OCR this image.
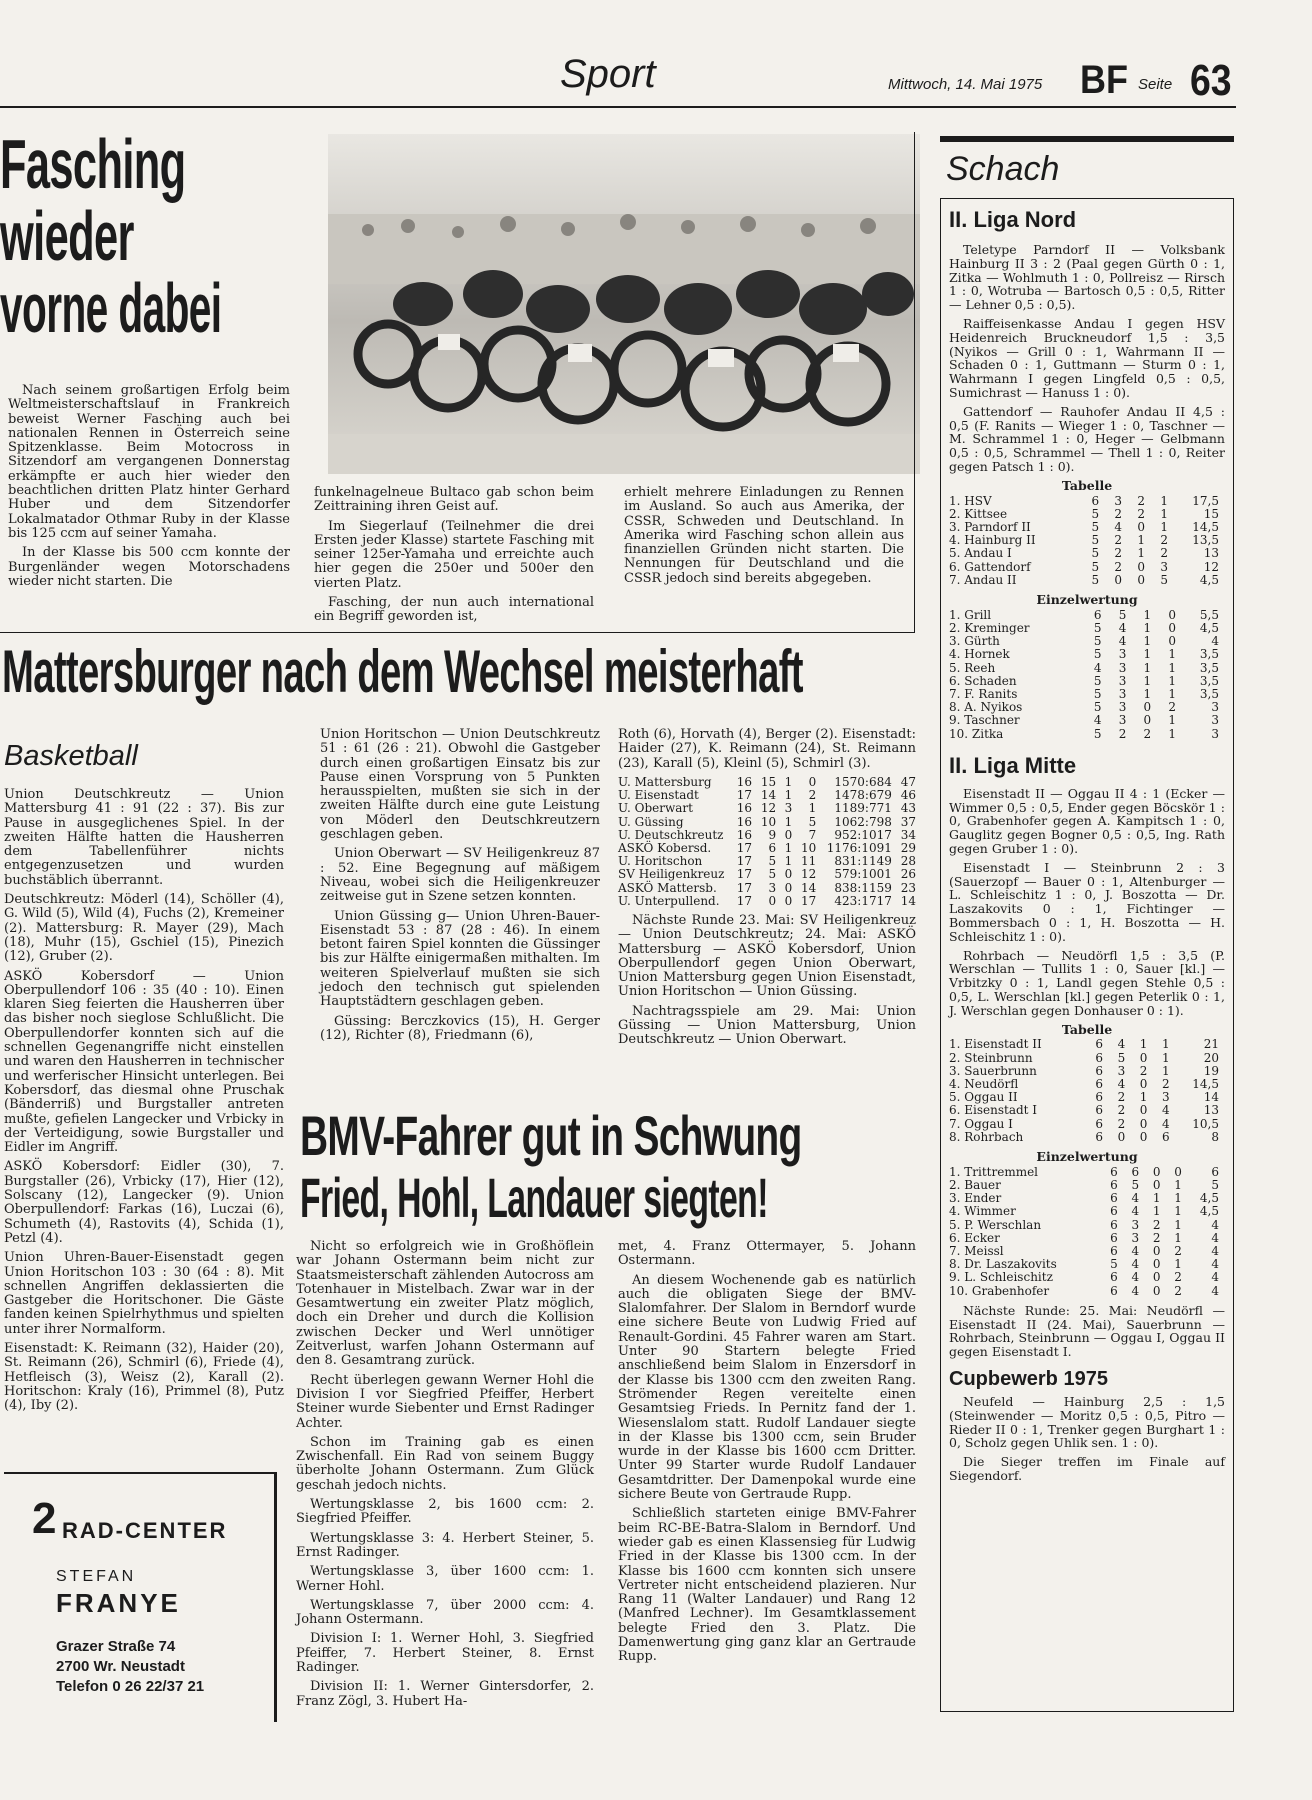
Sport	Mittwoch, 14. Mai 1975 BF Seite 63
Fasching
wieder
vorne dabei

Nach seinem großartigen Erfolg beim Weltmeisterschaftslauf in Frankreich beweist Werner Fasching auch bei nationalen Rennen in Österreich seine Spitzenklasse. Beim Motocross in Sitzendorf am vergangenen Donnerstag erkämpfte er auch hier wieder den beachtlichen dritten Platz hinter Gerhard Huber und dem Sitzendorfer Lokalmatador Othmar Ruby in der Klasse bis 125 ccm auf seiner Yamaha.

In der Klasse bis 500 ccm konnte der Burgenländer wegen Motorschadens wieder nicht starten. Die

funkelnagelneue Bultaco gab schon beim Zeittraining ihren Geist auf.

Im Siegerlauf (Teilnehmer die drei Ersten jeder Klasse) startete Fasching mit seiner 125er-Yamaha und erreichte auch hier gegen die 250er und 500er den vierten Platz.

Fasching, der nun auch international ein Begriff geworden ist,

erhielt mehrere Einladungen zu Rennen im Ausland. So auch aus Amerika, der CSSR, Schweden und Deutschland. In Amerika wird Fasching schon allein aus finanziellen Gründen nicht starten. Die Nennungen für Deutschland und die CSSR jedoch sind bereits abgegeben.

Mattersburger nach dem Wechsel meisterhaft
Basketball

Union Deutschkreutz — Union Mattersburg 41 : 91 (22 : 37). Bis zur Pause in ausgeglichenes Spiel. In der zweiten Hälfte hatten die Hausherren dem Tabellenführer nichts entgegenzusetzen und wurden buchstäblich überrannt.

Deutschkreutz: Möderl (14), Schöller (4), G. Wild (5), Wild (4), Fuchs (2), Kremeiner (2). Mattersburg: R. Mayer (29), Mach (18), Muhr (15), Gschiel (15), Pinezich (12), Gruber (2).

ASKÖ Kobersdorf — Union Oberpullendorf 106 : 35 (40 : 10). Einen klaren Sieg feierten die Hausherren über das bisher noch sieglose Schlußlicht. Die Oberpullendorfer konnten sich auf die schnellen Gegenangriffe nicht einstellen und waren den Hausherren in technischer und werferischer Hinsicht unterlegen. Bei Kobersdorf, das diesmal ohne Pruschak (Bänderriß) und Burgstaller antreten mußte, gefielen Langecker und Vrbicky in der Verteidigung, sowie Burgstaller und Eidler im Angriff.

ASKÖ Kobersdorf: Eidler (30), 7. Burgstaller (26), Vrbicky (17), Hier (12), Solscany (12), Langecker (9). Union Oberpullendorf: Farkas (16), Luczai (6), Schumeth (4), Rastovits (4), Schida (1), Petzl (4).

Union Uhren-Bauer-Eisenstadt gegen Union Horitschon 103 : 30 (64 : 8). Mit schnellen Angriffen deklassierten die Gastgeber die Horitschoner. Die Gäste fanden keinen Spielrhythmus und spielten unter ihrer Normalform.

Eisenstadt: K. Reimann (32), Haider (20), St. Reimann (26), Schmirl (6), Friede (4), Hetfleisch (3), Weisz (2), Karall (2). Horitschon: Kraly (16), Primmel (8), Putz (4), Iby (2).

Union Horitschon — Union Deutschkreutz 51 : 61 (26 : 21). Obwohl die Gastgeber durch einen großartigen Einsatz bis zur Pause einen Vorsprung von 5 Punkten herausspielten, mußten sie sich in der zweiten Hälfte durch eine gute Leistung von Möderl den Deutschkreutzern geschlagen geben.

Union Oberwart — SV Heiligenkreuz 87 : 52. Eine Begegnung auf mäßigem Niveau, wobei sich die Heiligenkreuzer zeitweise gut in Szene setzen konnten.

Union Güssing g— Union Uhren-Bauer-Eisenstadt 53 : 87 (28 : 46). In einem betont fairen Spiel konnten die Güssinger bis zur Hälfte einigermaßen mithalten. Im weiteren Spielverlauf mußten sie sich jedoch den technisch gut spielenden Hauptstädtern geschlagen geben.

Güssing: Berczkovics (15), H. Gerger (12), Richter (8), Friedmann (6),

Roth (6), Horvath (4), Berger (2). Eisenstadt: Haider (27), K. Reimann (24), St. Reimann (23), Karall (5), Kleinl (5), Schmirl (3).

U. Mattersburg	16	15	1	0	1570:684	47
U. Eisenstadt	17	14	1	2	1478:679	46
U. Oberwart	16	12	3	1	1189:771	43
U. Güssing	16	10	1	5	1062:798	37
U. Deutschkreutz	16	9	0	7	952:1017	34
ASKÖ Kobersd.	17	6	1	10	1176:1091	29
U. Horitschon	17	5	1	11	831:1149	28
SV Heiligenkreuz	17	5	0	12	579:1001	26
ASKÖ Mattersb.	17	3	0	14	838:1159	23
U. Unterpullend.	17	0	0	17	423:1717	14

Nächste Runde 23. Mai: SV Heiligenkreuz — Union Deutschkreutz; 24. Mai: ASKÖ Mattersburg — ASKÖ Kobersdorf, Union Oberpullendorf gegen Union Oberwart, Union Mattersburg gegen Union Eisenstadt, Union Horitschon — Union Güssing.

Nachtragsspiele am 29. Mai: Union Güssing — Union Mattersburg, Union Deutschkreutz — Union Oberwart.

BMV-Fahrer gut in Schwung
Fried, Hohl, Landauer siegten!

Nicht so erfolgreich wie in Großhöflein war Johann Ostermann beim nicht zur Staatsmeisterschaft zählenden Autocross am Totenhauer in Mistelbach. Zwar war in der Gesamtwertung ein zweiter Platz möglich, doch ein Dreher und durch die Kollision zwischen Decker und Werl unnötiger Zeitverlust, warfen Johann Ostermann auf den 8. Gesamtrang zurück.

Recht überlegen gewann Werner Hohl die Division I vor Siegfried Pfeiffer, Herbert Steiner wurde Siebenter und Ernst Radinger Achter.

Schon im Training gab es einen Zwischenfall. Ein Rad von seinem Buggy überholte Johann Ostermann. Zum Glück geschah jedoch nichts.

Wertungsklasse 2, bis 1600 ccm: 2. Siegfried Pfeiffer.

Wertungsklasse 3: 4. Herbert Steiner, 5. Ernst Radinger.

Wertungsklasse 3, über 1600 ccm: 1. Werner Hohl.

Wertungsklasse 7, über 2000 ccm: 4. Johann Ostermann.

Division I: 1. Werner Hohl, 3. Siegfried Pfeiffer, 7. Herbert Steiner, 8. Ernst Radinger.

Division II: 1. Werner Gintersdorfer, 2. Franz Zögl, 3. Hubert Ha-

met, 4. Franz Ottermayer, 5. Johann Ostermann.

An diesem Wochenende gab es natürlich auch die obligaten Siege der BMV-Slalomfahrer. Der Slalom in Berndorf wurde eine sichere Beute von Ludwig Fried auf Renault-Gordini. 45 Fahrer waren am Start. Unter 90 Startern belegte Fried anschließend beim Slalom in Enzersdorf in der Klasse bis 1300 ccm den zweiten Rang. Strömender Regen vereitelte einen Gesamtsieg Frieds. In Pernitz fand der 1. Wiesenslalom statt. Rudolf Landauer siegte in der Klasse bis 1300 ccm, sein Bruder wurde in der Klasse bis 1600 ccm Dritter. Unter 99 Starter wurde Rudolf Landauer Gesamtdritter. Der Damenpokal wurde eine sichere Beute von Gertraude Rupp.

Schließlich starteten einige BMV-Fahrer beim RC-BE-Batra-Slalom in Berndorf. Und wieder gab es einen Klassensieg für Ludwig Fried in der Klasse bis 1300 ccm. In der Klasse bis 1600 ccm konnten sich unsere Vertreter nicht entscheidend plazieren. Nur Rang 11 (Walter Landauer) und Rang 12 (Manfred Lechner). Im Gesamtklassement belegte Fried den 3. Platz. Die Damenwertung ging ganz klar an Gertraude Rupp.

2 RAD-CENTER
STEFAN
FRANYE
Grazer Straße 74
2700 Wr. Neustadt
Telefon 0 26 22/37 21
Schach
II. Liga Nord

Teletype Parndorf II — Volksbank Hainburg II 3 : 2 (Paal gegen Gürth 0 : 1, Zitka — Wohlmuth 1 : 0, Pollreisz — Rirsch 1 : 0, Wotruba — Bartosch 0,5 : 0,5, Ritter — Lehner 0,5 : 0,5).

Raiffeisenkasse Andau I gegen HSV Heidenreich Bruckneudorf 1,5 : 3,5 (Nyikos — Grill 0 : 1, Wahrmann II — Schaden 0 : 1, Guttmann — Sturm 0 : 1, Wahrmann I gegen Lingfeld 0,5 : 0,5, Sumichrast — Hanuss 1 : 0).

Gattendorf — Rauhofer Andau II 4,5 : 0,5 (F. Ranits — Wieger 1 : 0, Taschner — M. Schrammel 1 : 0, Heger — Gelbmann 0,5 : 0,5, Schrammel — Thell 1 : 0, Reiter gegen Patsch 1 : 0).

Tabelle
1. HSV	6	3	2	1	17,5
2. Kittsee	5	2	2	1	15
3. Parndorf II	5	4	0	1	14,5
4. Hainburg II	5	2	1	2	13,5
5. Andau I	5	2	1	2	13
6. Gattendorf	5	2	0	3	12
7. Andau II	5	0	0	5	4,5
Einzelwertung
1. Grill	6	5	1	0	5,5
2. Kreminger	5	4	1	0	4,5
3. Gürth	5	4	1	0	4
4. Hornek	5	3	1	1	3,5
5. Reeh	4	3	1	1	3,5
6. Schaden	5	3	1	1	3,5
7. F. Ranits	5	3	1	1	3,5
8. A. Nyikos	5	3	0	2	3
9. Taschner	4	3	0	1	3
10. Zitka	5	2	2	1	3
II. Liga Mitte

Eisenstadt II — Oggau II 4 : 1 (Ecker — Wimmer 0,5 : 0,5, Ender gegen Böcskör 1 : 0, Grabenhofer gegen A. Kampitsch 1 : 0, Gauglitz gegen Bogner 0,5 : 0,5, Ing. Rath gegen Gruber 1 : 0).

Eisenstadt I — Steinbrunn 2 : 3 (Sauerzopf — Bauer 0 : 1, Altenburger — L. Schleischitz 1 : 0, J. Boszotta — Dr. Laszakovits 0 : 1, Fichtinger — Bommersbach 0 : 1, H. Boszotta — H. Schleischitz 1 : 0).

Rohrbach — Neudörfl 1,5 : 3,5 (P. Werschlan — Tullits 1 : 0, Sauer [kl.] — Vrbitzky 0 : 1, Landl gegen Stehle 0,5 : 0,5, L. Werschlan [kl.] gegen Peterlik 0 : 1, J. Werschlan gegen Donhauser 0 : 1).

Tabelle
1. Eisenstadt II	6	4	1	1	21
2. Steinbrunn	6	5	0	1	20
3. Sauerbrunn	6	3	2	1	19
4. Neudörfl	6	4	0	2	14,5
5. Oggau II	6	2	1	3	14
6. Eisenstadt I	6	2	0	4	13
7. Oggau I	6	2	0	4	10,5
8. Rohrbach	6	0	0	6	8
Einzelwertung
1. Trittremmel	6	6	0	0	6
2. Bauer	6	5	0	1	5
3. Ender	6	4	1	1	4,5
4. Wimmer	6	4	1	1	4,5
5. P. Werschlan	6	3	2	1	4
6. Ecker	6	3	2	1	4
7. Meissl	6	4	0	2	4
8. Dr. Laszakovits	5	4	0	1	4
9. L. Schleischitz	6	4	0	2	4
10. Grabenhofer	6	4	0	2	4

Nächste Runde: 25. Mai: Neudörfl — Eisenstadt II (24. Mai), Sauerbrunn — Rohrbach, Steinbrunn — Oggau I, Oggau II gegen Eisenstadt I.

Cupbewerb 1975

Neufeld — Hainburg 2,5 : 1,5 (Steinwender — Moritz 0,5 : 0,5, Pitro — Rieder II 0 : 1, Trenker gegen Burghart 1 : 0, Scholz gegen Uhlik sen. 1 : 0).

Die Sieger treffen im Finale auf Siegendorf.
